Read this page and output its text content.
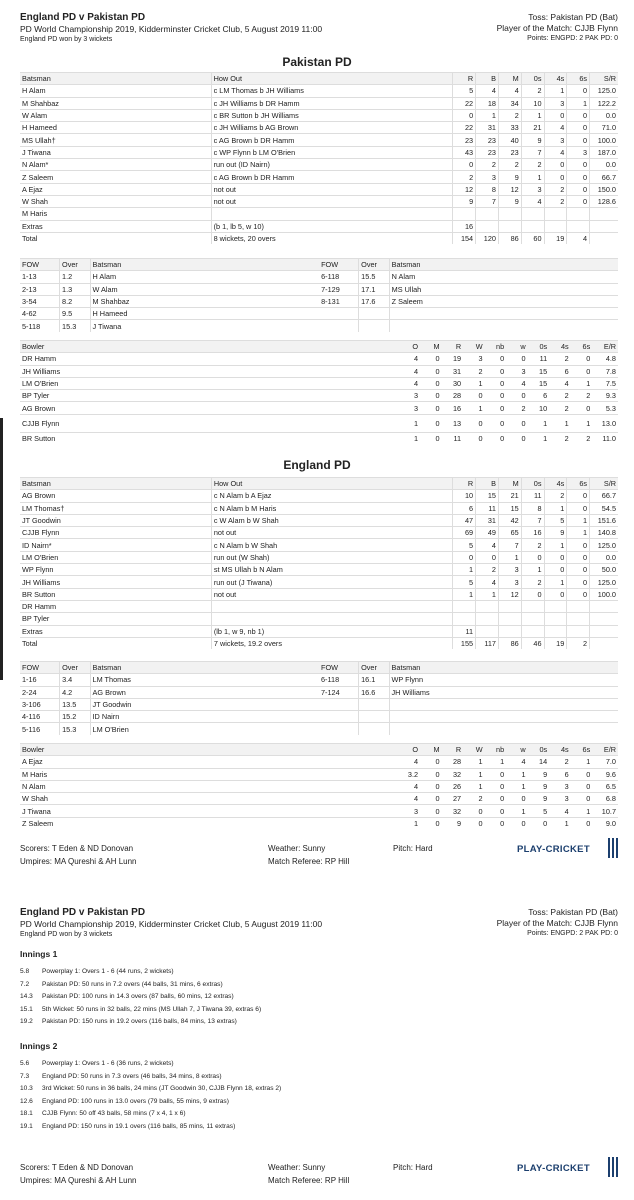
England PD v Pakistan PD
PD World Championship 2019, Kidderminster Cricket Club, 5 August 2019 11:00
England PD won by 3 wickets
Toss: Pakistan PD (Bat)
Player of the Match: CJJB Flynn
Points: ENGPD: 2 PAK PD: 0
Pakistan PD
Batsman	How Out	R	B	M	0s	4s	6s	S/R
H Alam	c LM Thomas b JH Williams	5	4	4	2	1	0	125.0
M Shahbaz	c JH Williams b DR Hamm	22	18	34	10	3	1	122.2
W Alam	c BR Sutton b JH Williams	0	1	2	1	0	0	0.0
H Hameed	c JH Williams b AG Brown	22	31	33	21	4	0	71.0
MS Ullah†	c AG Brown b DR Hamm	23	23	40	9	3	0	100.0
J Tiwana	c WP Flynn b LM O'Brien	43	23	23	7	4	3	187.0
N Alam*	run out (ID Nairn)	0	2	2	2	0	0	0.0
Z Saleem	c AG Brown b DR Hamm	2	3	9	1	0	0	66.7
A Ejaz	not out	12	8	12	3	2	0	150.0
W Shah	not out	9	7	9	4	2	0	128.6
M Haris								
Extras	(b 1, lb 5, w 10)	16						
Total	8 wickets, 20 overs	154	120	86	60	19	4	
FOW	Over	Batsman	FOW	Over	Batsman
1-13	1.2	H Alam	6-118	15.5	N Alam
2-13	1.3	W Alam	7-129	17.1	MS Ullah
3-54	8.2	M Shahbaz	8-131	17.6	Z Saleem
4-62	9.5	H Hameed			
5-118	15.3	J Tiwana			
Bowler	O	M	R	W	nb	w	0s	4s	6s	E/R
DR Hamm	4	0	19	3	0	0	11	2	0	4.8
JH Williams	4	0	31	2	0	3	15	6	0	7.8
LM O'Brien	4	0	30	1	0	4	15	4	1	7.5
BP Tyler	3	0	28	0	0	0	6	2	2	9.3
AG Brown	3	0	16	1	0	2	10	2	0	5.3
CJJB Flynn	1	0	13	0	0	0	1	1	1	13.0
BR Sutton	1	0	11	0	0	0	1	2	2	11.0
England PD
Batsman	How Out	R	B	M	0s	4s	6s	S/R
AG Brown	c N Alam b A Ejaz	10	15	21	11	2	0	66.7
LM Thomas†	c N Alam b M Haris	6	11	15	8	1	0	54.5
JT Goodwin	c W Alam b W Shah	47	31	42	7	5	1	151.6
CJJB Flynn	not out	69	49	65	16	9	1	140.8
ID Nairn*	c N Alam b W Shah	5	4	7	2	1	0	125.0
LM O'Brien	run out (W Shah)	0	0	1	0	0	0	0.0
WP Flynn	st MS Ullah b N Alam	1	2	3	1	0	0	50.0
JH Williams	run out (J Tiwana)	5	4	3	2	1	0	125.0
BR Sutton	not out	1	1	12	0	0	0	100.0
DR Hamm								
BP Tyler								
Extras	(lb 1, w 9, nb 1)	11						
Total	7 wickets, 19.2 overs	155	117	86	46	19	2	
FOW	Over	Batsman	FOW	Over	Batsman
1-16	3.4	LM Thomas	6-118	16.1	WP Flynn
2-24	4.2	AG Brown	7-124	16.6	JH Williams
3-106	13.5	JT Goodwin			
4-116	15.2	ID Nairn			
5-116	15.3	LM O'Brien			
Bowler	O	M	R	W	nb	w	0s	4s	6s	E/R
A Ejaz	4	0	28	1	1	4	14	2	1	7.0
M Haris	3.2	0	32	1	0	1	9	6	0	9.6
N Alam	4	0	26	1	0	1	9	3	0	6.5
W Shah	4	0	27	2	0	0	9	3	0	6.8
J Tiwana	3	0	32	0	0	1	5	4	1	10.7
Z Saleem	1	0	9	0	0	0	0	1	0	9.0
Scorers: T Eden & ND Donovan
Umpires: MA Qureshi & AH Lunn
Weather: Sunny
Match Referee: RP Hill
Pitch: Hard	PLAY-CRICKET
England PD v Pakistan PD
PD World Championship 2019, Kidderminster Cricket Club, 5 August 2019 11:00
England PD won by 3 wickets
Toss: Pakistan PD (Bat)
Player of the Match: CJJB Flynn
Points: ENGPD: 2 PAK PD: 0
Innings 1
5.8 Powerplay 1: Overs 1 - 6 (44 runs, 2 wickets)
7.2 Pakistan PD: 50 runs in 7.2 overs (44 balls, 31 mins, 6 extras)
14.3 Pakistan PD: 100 runs in 14.3 overs (87 balls, 60 mins, 12 extras)
15.1 5th Wicket: 50 runs in 32 balls, 22 mins (MS Ullah 7, J Tiwana 39, extras 6)
19.2 Pakistan PD: 150 runs in 19.2 overs (116 balls, 84 mins, 13 extras)
Innings 2
5.6 Powerplay 1: Overs 1 - 6 (36 runs, 2 wickets)
7.3 England PD: 50 runs in 7.3 overs (46 balls, 34 mins, 8 extras)
10.3 3rd Wicket: 50 runs in 36 balls, 24 mins (JT Goodwin 30, CJJB Flynn 18, extras 2)
12.6 England PD: 100 runs in 13.0 overs (79 balls, 55 mins, 9 extras)
18.1 CJJB Flynn: 50 off 43 balls, 58 mins (7 x 4, 1 x 6)
19.1 England PD: 150 runs in 19.1 overs (116 balls, 85 mins, 11 extras)
Scorers: T Eden & ND Donovan
Umpires: MA Qureshi & AH Lunn
Weather: Sunny
Match Referee: RP Hill
Pitch: Hard	PLAY-CRICKET
